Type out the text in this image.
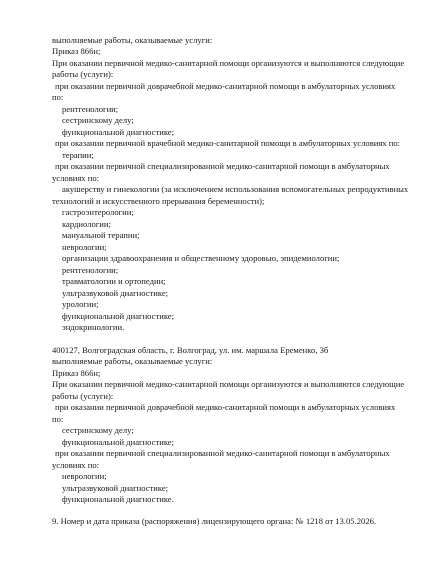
выполняемые работы, оказываемые услуги:
Приказ 866н;
При оказании первичной медико-санитарной помощи организуются и выполняются следующие
работы (услуги):
при оказании первичной доврачебной медико-санитарной помощи в амбулаторных условиях
по:
рентгенологии;
сестринскому делу;
функциональной диагностике;
при оказании первичной врачебной медико-санитарной помощи в амбулаторных условиях по:
терапии;
при оказании первичной специализированной медико-санитарной помощи в амбулаторных
условиях по:
акушерству и гинекологии (за исключением использования вспомогательных репродуктивных
технологий и искусственного прерывания беременности);
гастроэнтерологии;
кардиологии;
мануальной терапии;
неврологии;
организации здравоохранения и общественному здоровью, эпидемиологии;
рентгенологии;
травматологии и ортопедии;
ультразвуковой диагностике;
урологии;
функциональной диагностике;
эндокринологии.
400127, Волгоградская область, г. Волгоград, ул. им. маршала Еременко, 3б
выполняемые работы, оказываемые услуги:
Приказ 866н;
При оказании первичной медико-санитарной помощи организуются и выполняются следующие
работы (услуги):
при оказании первичной доврачебной медико-санитарной помощи в амбулаторных условиях
по:
сестринскому делу;
функциональной диагностике;
при оказании первичной специализированной медико-санитарной помощи в амбулаторных
условиях по:
неврологии;
ультразвуковой диагностике;
функциональной диагностике.
9. Номер и дата приказа (распоряжения) лицензирующего органа: № 1218 от 13.05.2026.
